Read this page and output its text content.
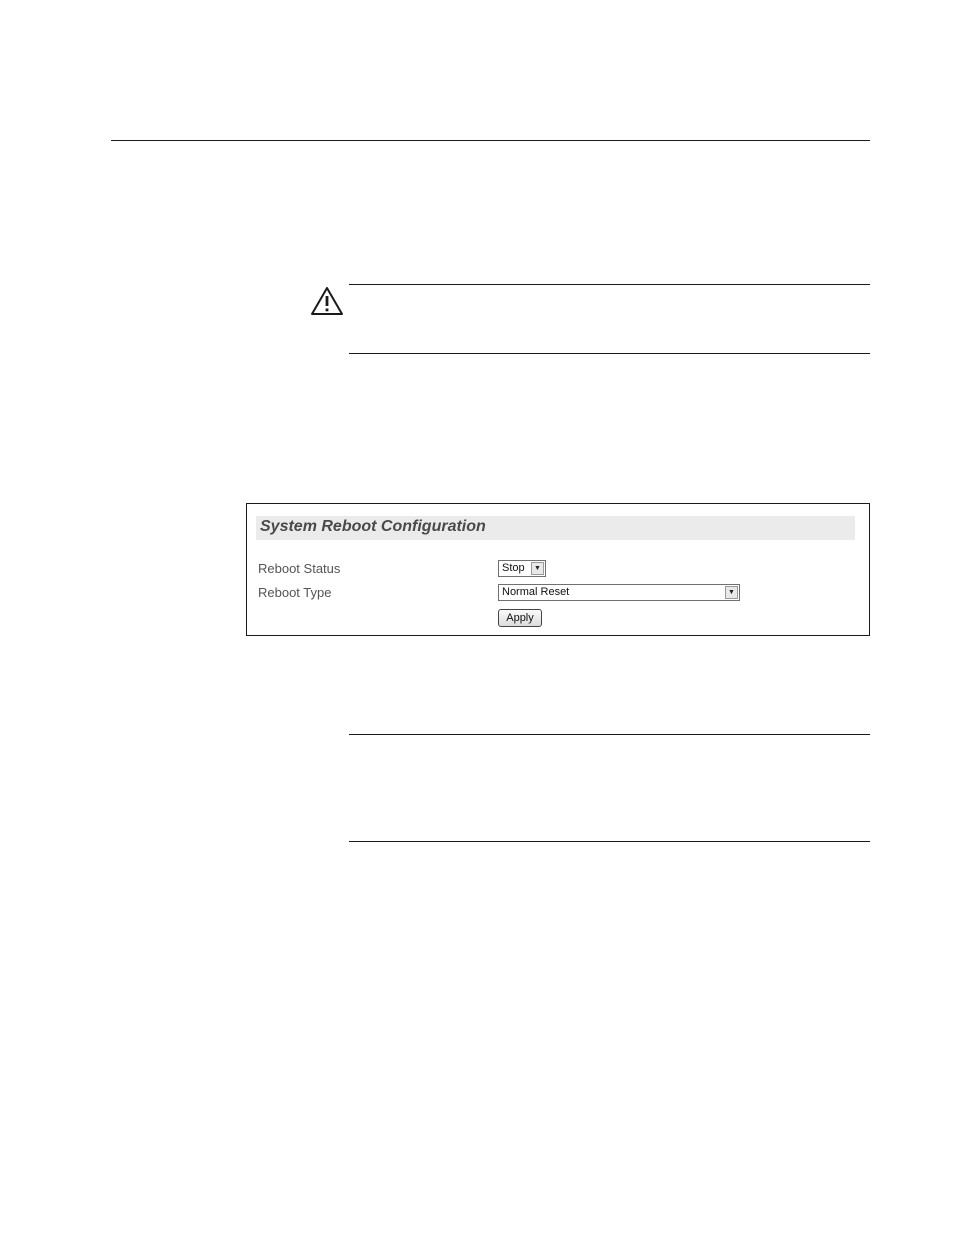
System Reboot Configuration
Reboot Status	Stop	▼
Reboot Type	Normal Reset	▼
Apply
